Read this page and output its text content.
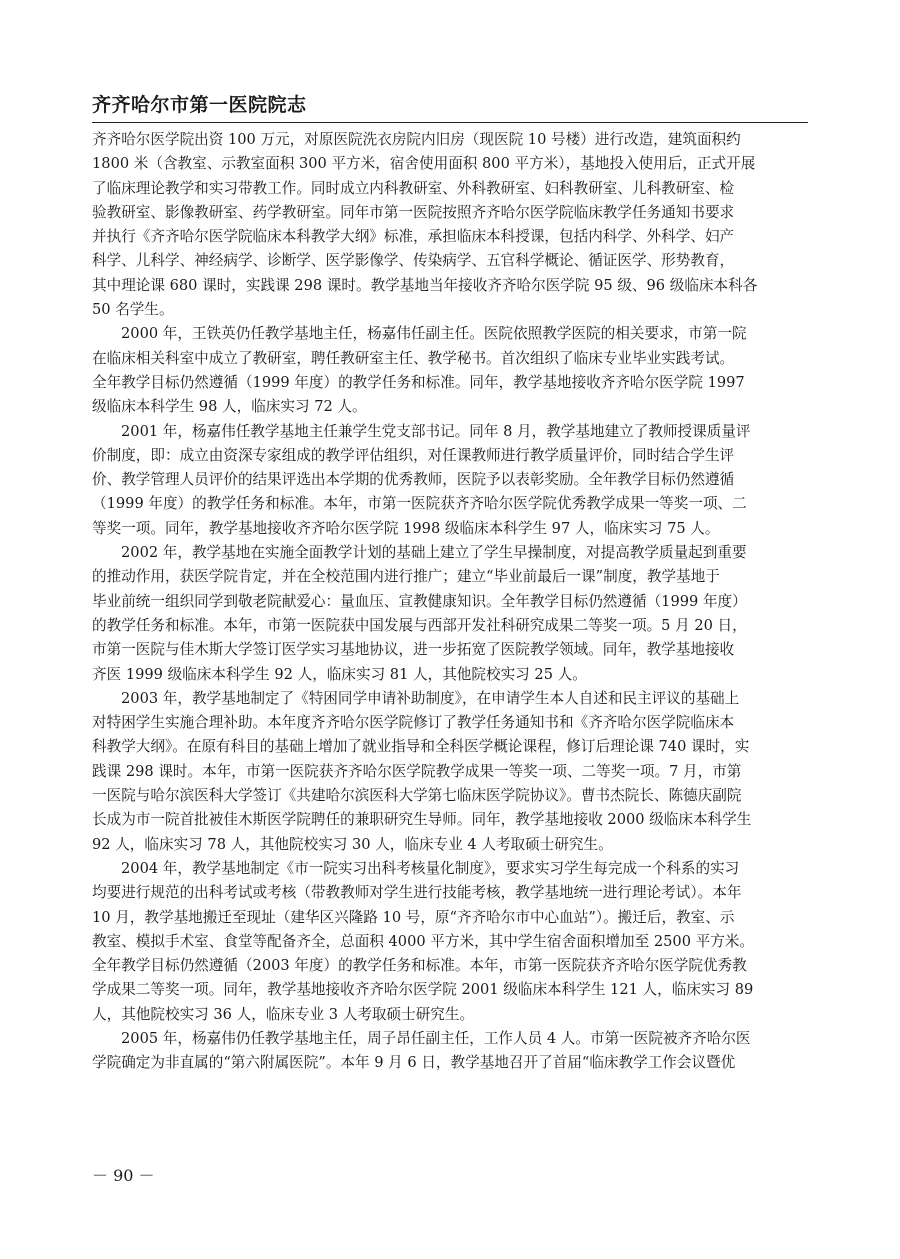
齐齐哈尔市第一医院院志
齐齐哈尔医学院出资 100 万元，对原医院洗衣房院内旧房（现医院 10 号楼）进行改造，建筑面积约
1800 米（含教室、示教室面积 300 平方米，宿舍使用面积 800 平方米），基地投入使用后，正式开展
了临床理论教学和实习带教工作。同时成立内科教研室、外科教研室、妇科教研室、儿科教研室、检
验教研室、影像教研室、药学教研室。同年市第一医院按照齐齐哈尔医学院临床教学任务通知书要求
并执行《齐齐哈尔医学院临床本科教学大纲》标准，承担临床本科授课，包括内科学、外科学、妇产
科学、儿科学、神经病学、诊断学、医学影像学、传染病学、五官科学概论、循证医学、形势教育，
其中理论课 680 课时，实践课 298 课时。教学基地当年接收齐齐哈尔医学院 95 级、96 级临床本科各
50 名学生。
2000 年，王铁英仍任教学基地主任，杨嘉伟任副主任。医院依照教学医院的相关要求，市第一院
在临床相关科室中成立了教研室，聘任教研室主任、教学秘书。首次组织了临床专业毕业实践考试。
全年教学目标仍然遵循（1999 年度）的教学任务和标准。同年，教学基地接收齐齐哈尔医学院 1997
级临床本科学生 98 人，临床实习 72 人。
2001 年，杨嘉伟任教学基地主任兼学生党支部书记。同年 8 月，教学基地建立了教师授课质量评
价制度，即：成立由资深专家组成的教学评估组织，对任课教师进行教学质量评价，同时结合学生评
价、教学管理人员评价的结果评选出本学期的优秀教师，医院予以表彰奖励。全年教学目标仍然遵循
（1999 年度）的教学任务和标准。本年，市第一医院获齐齐哈尔医学院优秀教学成果一等奖一项、二
等奖一项。同年，教学基地接收齐齐哈尔医学院 1998 级临床本科学生 97 人，临床实习 75 人。
2002 年，教学基地在实施全面教学计划的基础上建立了学生早操制度，对提高教学质量起到重要
的推动作用，获医学院肯定，并在全校范围内进行推广；建立“毕业前最后一课”制度，教学基地于
毕业前统一组织同学到敬老院献爱心：量血压、宣教健康知识。全年教学目标仍然遵循（1999 年度）
的教学任务和标准。本年，市第一医院获中国发展与西部开发社科研究成果二等奖一项。5 月 20 日，
市第一医院与佳木斯大学签订医学实习基地协议，进一步拓宽了医院教学领域。同年，教学基地接收
齐医 1999 级临床本科学生 92 人，临床实习 81 人，其他院校实习 25 人。
2003 年，教学基地制定了《特困同学申请补助制度》，在申请学生本人自述和民主评议的基础上
对特困学生实施合理补助。本年度齐齐哈尔医学院修订了教学任务通知书和《齐齐哈尔医学院临床本
科教学大纲》。在原有科目的基础上增加了就业指导和全科医学概论课程，修订后理论课 740 课时，实
践课 298 课时。本年，市第一医院获齐齐哈尔医学院教学成果一等奖一项、二等奖一项。7 月，市第
一医院与哈尔滨医科大学签订《共建哈尔滨医科大学第七临床医学院协议》。曹书杰院长、陈德庆副院
长成为市一院首批被佳木斯医学院聘任的兼职研究生导师。同年，教学基地接收 2000 级临床本科学生
92 人，临床实习 78 人，其他院校实习 30 人，临床专业 4 人考取硕士研究生。
2004 年，教学基地制定《市一院实习出科考核量化制度》，要求实习学生每完成一个科系的实习
均要进行规范的出科考试或考核（带教教师对学生进行技能考核，教学基地统一进行理论考试）。本年
10 月，教学基地搬迁至现址（建华区兴隆路 10 号，原“齐齐哈尔市中心血站”）。搬迁后，教室、示
教室、模拟手术室、食堂等配备齐全，总面积 4000 平方米，其中学生宿舍面积增加至 2500 平方米。
全年教学目标仍然遵循（2003 年度）的教学任务和标准。本年，市第一医院获齐齐哈尔医学院优秀教
学成果二等奖一项。同年，教学基地接收齐齐哈尔医学院 2001 级临床本科学生 121 人，临床实习 89
人，其他院校实习 36 人，临床专业 3 人考取硕士研究生。
2005 年，杨嘉伟仍任教学基地主任，周子昂任副主任，工作人员 4 人。市第一医院被齐齐哈尔医
学院确定为非直属的“第六附属医院”。本年 9 月 6 日，教学基地召开了首届“临床教学工作会议暨优
－ 90 －
